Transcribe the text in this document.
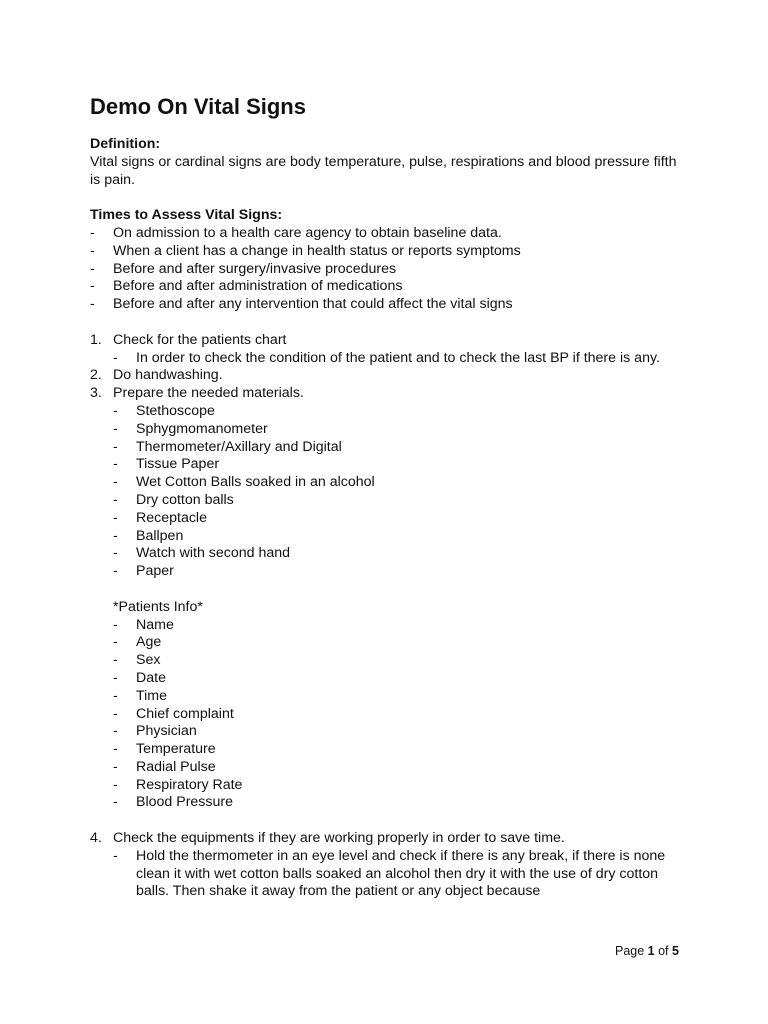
Demo On Vital Signs

Definition:

Vital signs or cardinal signs are body temperature, pulse, respirations and blood pressure fifth is pain.

Times to Assess Vital Signs:

- On admission to a health care agency to obtain baseline data.
- When a client has a change in health status or reports symptoms
- Before and after surgery/invasive procedures
- Before and after administration of medications
- Before and after any intervention that could affect the vital signs
1. Check for the patients chart
- In order to check the condition of the patient and to check the last BP if there is any.
2. Do handwashing.
3. Prepare the needed materials.
- Stethoscope
- Sphygmomanometer
- Thermometer/Axillary and Digital
- Tissue Paper
- Wet Cotton Balls soaked in an alcohol
- Dry cotton balls
- Receptacle
- Ballpen
- Watch with second hand
- Paper

*Patients Info*

- Name
- Age
- Sex
- Date
- Time
- Chief complaint
- Physician
- Temperature
- Radial Pulse
- Respiratory Rate
- Blood Pressure
4. Check the equipments if they are working properly in order to save time.
- Hold the thermometer in an eye level and check if there is any break, if there is none clean it with wet cotton balls soaked an alcohol then dry it with the use of dry cotton balls. Then shake it away from the patient or any object because
Page 1 of 5
